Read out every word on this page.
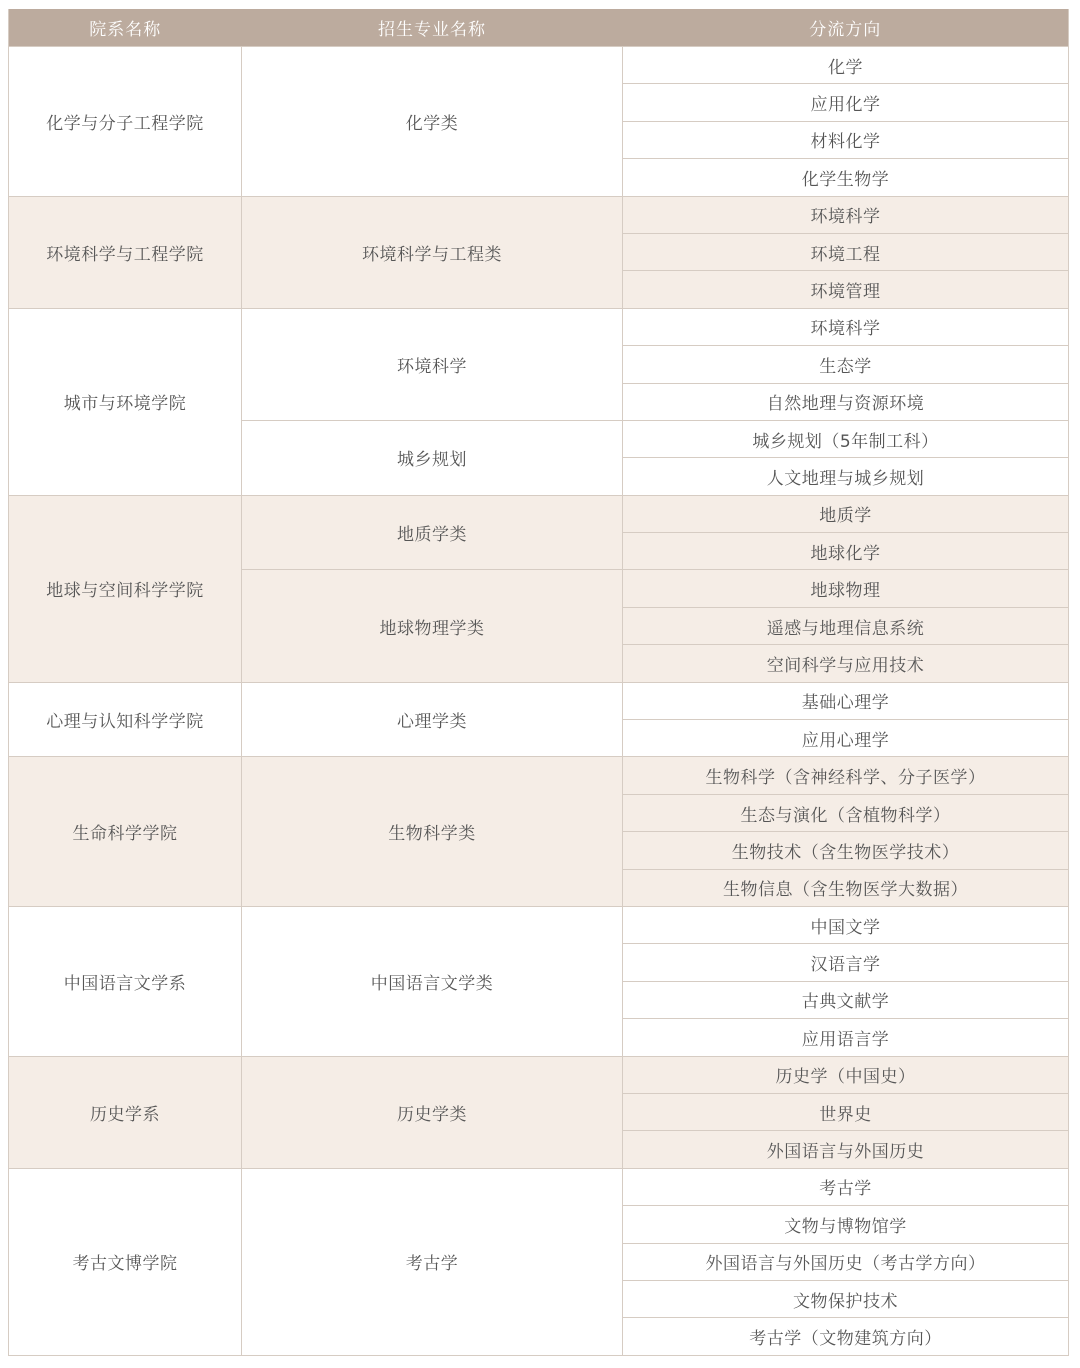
院系名称	招生专业名称	分流方向
化学与分子工程学院	化学类	化学
		应用化学
		材料化学
		化学生物学
环境科学与工程学院	环境科学与工程类	环境科学
		环境工程
		环境管理
城市与环境学院	环境科学	环境科学
		生态学
		自然地理与资源环境
	城乡规划	城乡规划（5年制工科）
		人文地理与城乡规划
地球与空间科学学院	地质学类	地质学
		地球化学
	地球物理学类	地球物理
		遥感与地理信息系统
		空间科学与应用技术
心理与认知科学学院	心理学类	基础心理学
		应用心理学
生命科学学院	生物科学类	生物科学（含神经科学、分子医学）
		生态与演化（含植物科学）
		生物技术（含生物医学技术）
		生物信息（含生物医学大数据）
中国语言文学系	中国语言文学类	中国文学
		汉语言学
		古典文献学
		应用语言学
历史学系	历史学类	历史学（中国史）
		世界史
		外国语言与外国历史
考古文博学院	考古学	考古学
		文物与博物馆学
		外国语言与外国历史（考古学方向）
		文物保护技术
		考古学（文物建筑方向）
